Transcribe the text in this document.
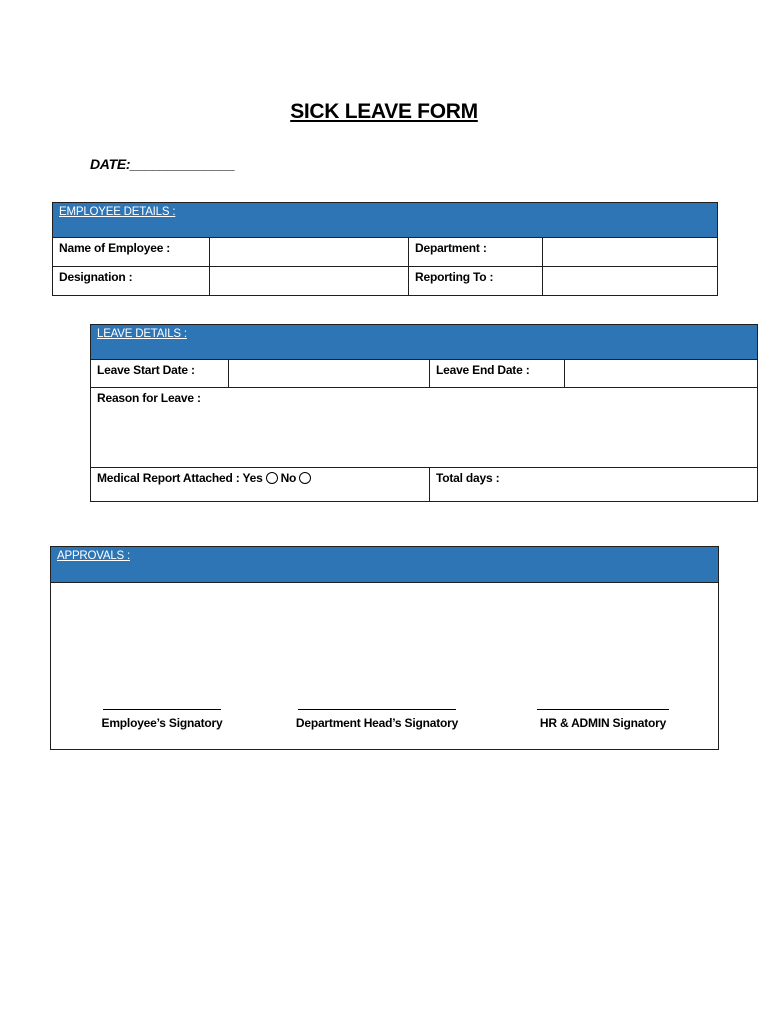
SICK LEAVE FORM
DATE:______________
EMPLOYEE DETAILS :			
Name of Employee :		Department :	
Designation :		Reporting To :	
LEAVE DETAILS :			
Leave Start Date :		Leave End Date :	
Reason for Leave :			
Medical Report Attached : Yes No		Total days :	
APPROVALS :

Employee’s Signatory	Department Head’s Signatory	HR & ADMIN Signatory
